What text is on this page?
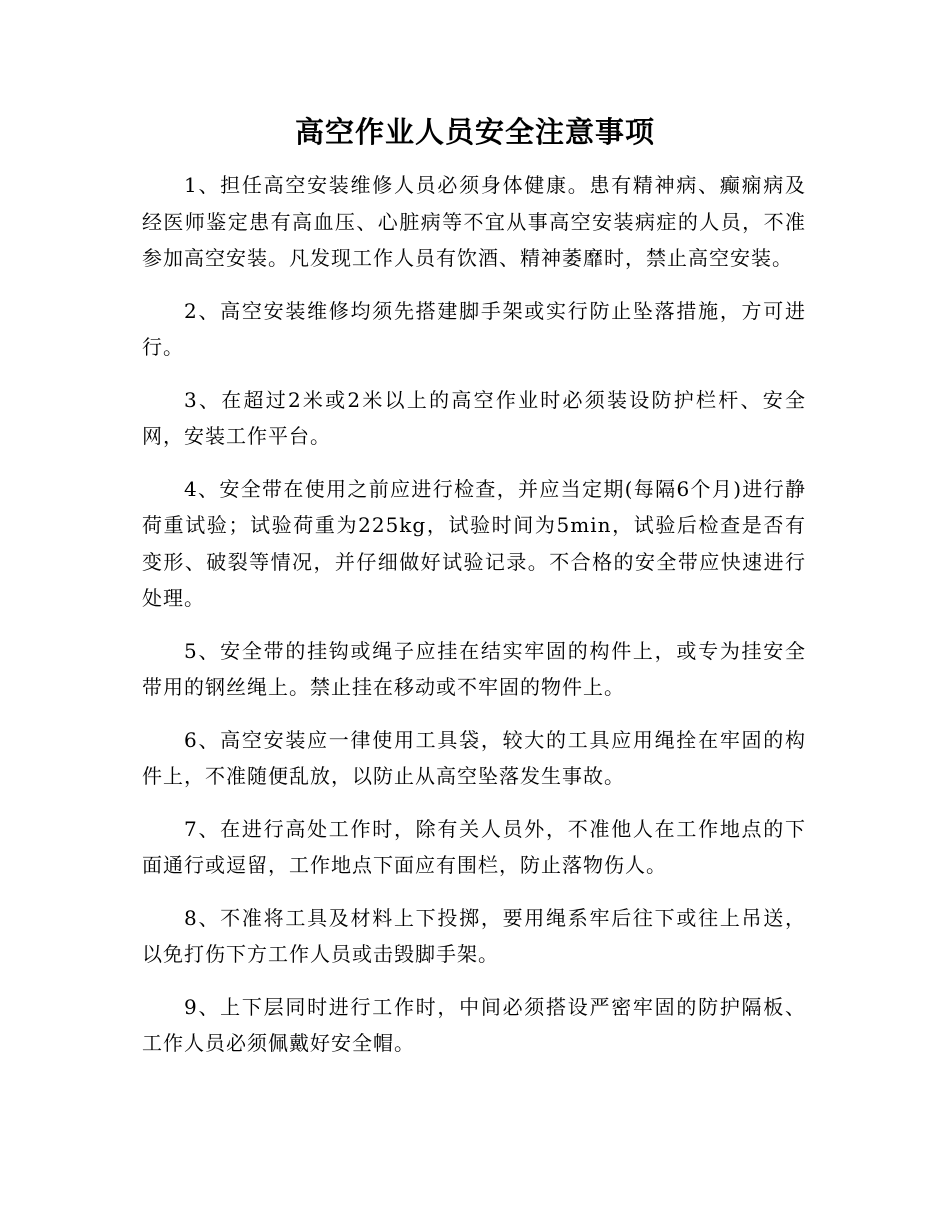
高空作业人员安全注意事项

1、担任高空安装维修人员必须身体健康。患有精神病、癫痫病及经医师鉴定患有高血压、心脏病等不宜从事高空安装病症的人员，不准参加高空安装。凡发现工作人员有饮酒、精神萎靡时，禁止高空安装。

2、高空安装维修均须先搭建脚手架或实行防止坠落措施，方可进行。

3、在超过2米或2米以上的高空作业时必须装设防护栏杆、安全网，安装工作平台。

4、安全带在使用之前应进行检查，并应当定期(每隔6个月)进行静荷重试验；试验荷重为225kg，试验时间为5min，试验后检查是否有变形、破裂等情况，并仔细做好试验记录。不合格的安全带应快速进行处理。

5、安全带的挂钩或绳子应挂在结实牢固的构件上，或专为挂安全带用的钢丝绳上。禁止挂在移动或不牢固的物件上。

6、高空安装应一律使用工具袋，较大的工具应用绳拴在牢固的构件上，不准随便乱放，以防止从高空坠落发生事故。

7、在进行高处工作时，除有关人员外，不准他人在工作地点的下面通行或逗留，工作地点下面应有围栏，防止落物伤人。

8、不准将工具及材料上下投掷，要用绳系牢后往下或往上吊送，以免打伤下方工作人员或击毁脚手架。

9、上下层同时进行工作时，中间必须搭设严密牢固的防护隔板、工作人员必须佩戴好安全帽。
